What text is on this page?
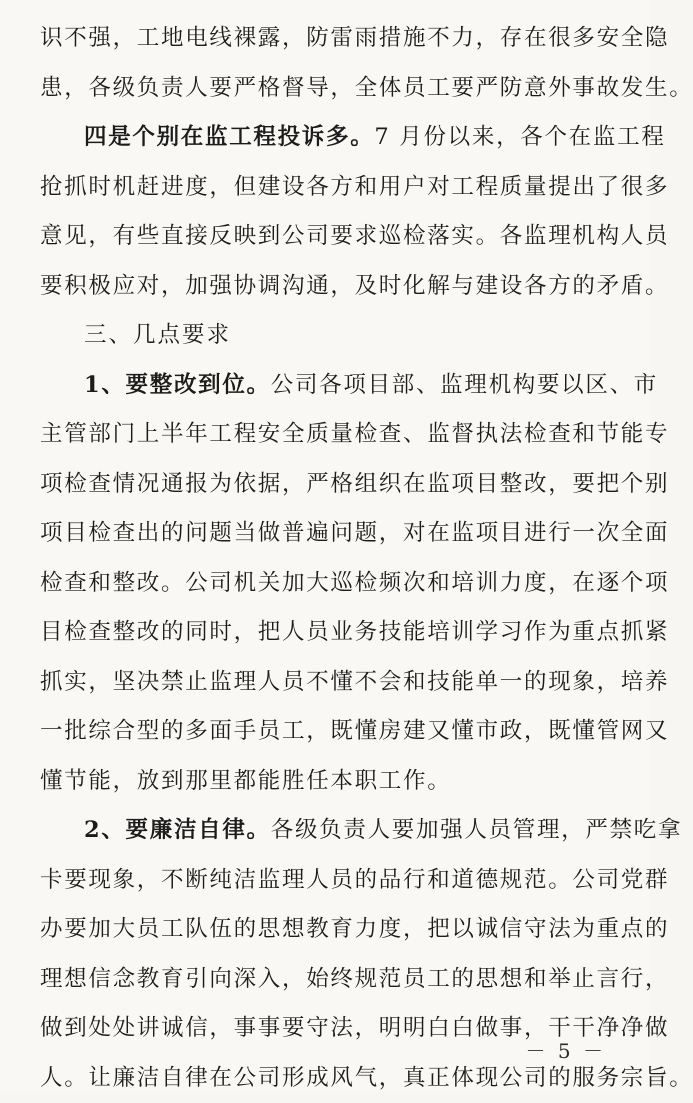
识不强，工地电线裸露，防雷雨措施不力，存在很多安全隐
患，各级负责人要严格督导，全体员工要严防意外事故发生。
四是个别在监工程投诉多。7 月份以来，各个在监工程
抢抓时机赶进度，但建设各方和用户对工程质量提出了很多
意见，有些直接反映到公司要求巡检落实。各监理机构人员
要积极应对，加强协调沟通，及时化解与建设各方的矛盾。
三、几点要求
1、要整改到位。公司各项目部、监理机构要以区、市
主管部门上半年工程安全质量检查、监督执法检查和节能专
项检查情况通报为依据，严格组织在监项目整改，要把个别
项目检查出的问题当做普遍问题，对在监项目进行一次全面
检查和整改。公司机关加大巡检频次和培训力度，在逐个项
目检查整改的同时，把人员业务技能培训学习作为重点抓紧
抓实，坚决禁止监理人员不懂不会和技能单一的现象，培养
一批综合型的多面手员工，既懂房建又懂市政，既懂管网又
懂节能，放到那里都能胜任本职工作。
2、要廉洁自律。各级负责人要加强人员管理，严禁吃拿
卡要现象，不断纯洁监理人员的品行和道德规范。公司党群
办要加大员工队伍的思想教育力度，把以诚信守法为重点的
理想信念教育引向深入，始终规范员工的思想和举止言行，
做到处处讲诚信，事事要守法，明明白白做事，干干净净做
人。让廉洁自律在公司形成风气，真正体现公司的服务宗旨。
－ 5 －
